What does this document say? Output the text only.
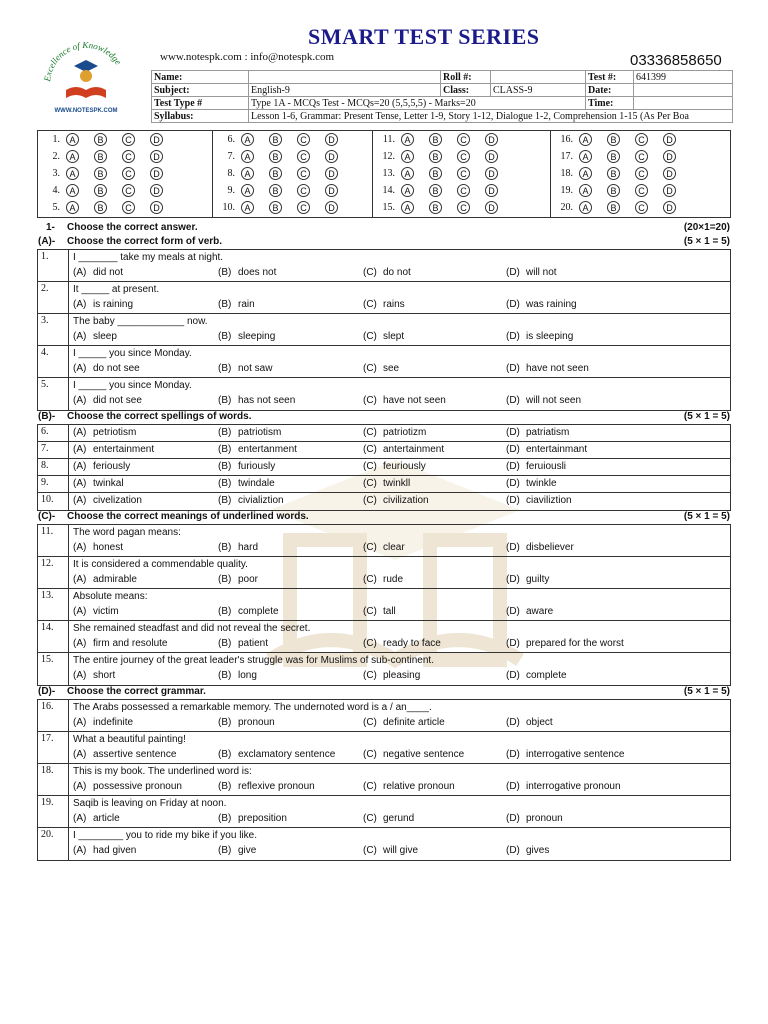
Excellence of Knowledge
WWW.NOTESPK.COM
SMART TEST SERIES
www.notespk.com : info@notespk.com	03336858650
Name:		Roll #:		Test #:	641399
Subject:	English-9	Class:	CLASS-9	Date:	
Test Type #	Type 1A - MCQs Test - MCQs=20 (5,5,5,5) - Marks=20			Time:	
Syllabus:	Lesson 1-6, Grammar: Present Tense, Letter 1-9, Story 1-12, Dialogue 1-2, Comprehension 1-15 (As Per Boa				
1.	A	B	C	D
2.	A	B	C	D
3.	A	B	C	D
4.	A	B	C	D
5.	A	B	C	D
6.	A	B	C	D
7.	A	B	C	D
8.	A	B	C	D
9.	A	B	C	D
10.	A	B	C	D
11.	A	B	C	D
12.	A	B	C	D
13.	A	B	C	D
14.	A	B	C	D
15.	A	B	C	D
16.	A	B	C	D
17.	A	B	C	D
18.	A	B	C	D
19.	A	B	C	D
20.	A	B	C	D
1- Choose the correct answer.	(20×1=20)
(A)- Choose the correct form of verb.	(5 × 1 = 5)
1.	I _______ take my meals at night.
(A) did not	(B) does not	(C) do not	(D) will not
2.	It _____ at present.
(A) is raining	(B) rain	(C) rains	(D) was raining
3.	The baby ____________ now.
(A) sleep	(B) sleeping	(C) slept	(D) is sleeping
4.	I _____ you since Monday.
(A) do not see	(B) not saw	(C) see	(D) have not seen
5.	I _____ you since Monday.
(A) did not see	(B) has not seen	(C) have not seen	(D) will not seen
(B)- Choose the correct spellings of words.	(5 × 1 = 5)
6.	(A) petriotism	(B) patriotism	(C) patriotizm	(D) patriatism
7.	(A) entertainment	(B) entertanment	(C) antertainment	(D) entertainmant
8.	(A) feriously	(B) furiously	(C) feuriously	(D) feruiousli
9.	(A) twinkal	(B) twindale	(C) twinkll	(D) twinkle
10.	(A) civelization	(B) civializtion	(C) civilization	(D) ciaviliztion
(C)- Choose the correct meanings of underlined words.	(5 × 1 = 5)
11.	The word pagan means:
(A) honest	(B) hard	(C) clear	(D) disbeliever
12.	It is considered a commendable quality.
(A) admirable	(B) poor	(C) rude	(D) guilty
13.	Absolute means:
(A) victim	(B) complete	(C) tall	(D) aware
14.	She remained steadfast and did not reveal the secret.
(A) firm and resolute	(B) patient	(C) ready to face	(D) prepared for the worst
15.	The entire journey of the great leader's struggle was for Muslims of sub-continent.
(A) short	(B) long	(C) pleasing	(D) complete
(D)- Choose the correct grammar.	(5 × 1 = 5)
16.	The Arabs possessed a remarkable memory. The undernoted word is a / an____.
(A) indefinite	(B) pronoun	(C) definite article	(D) object
17.	What a beautiful painting!
(A) assertive sentence	(B) exclamatory sentence	(C) negative sentence	(D) interrogative sentence
18.	This is my book. The underlined word is:
(A) possessive pronoun	(B) reflexive pronoun	(C) relative pronoun	(D) interrogative pronoun
19.	Saqib is leaving on Friday at noon.
(A) article	(B) preposition	(C) gerund	(D) pronoun
20.	I ________ you to ride my bike if you like.
(A) had given	(B) give	(C) will give	(D) gives
